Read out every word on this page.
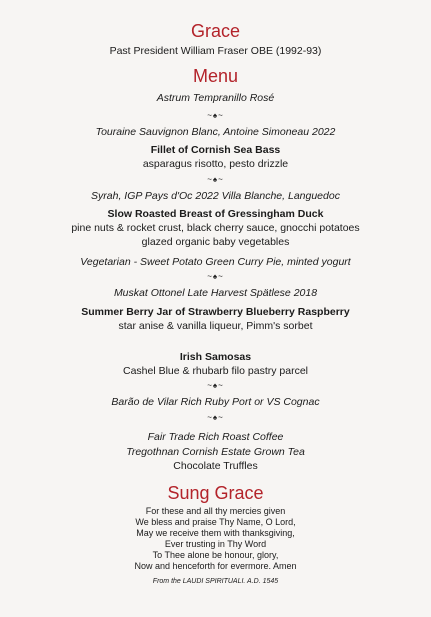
Grace
Past President William Fraser OBE (1992-93)
Menu
Astrum Tempranillo Rosé
~♠~
Touraine Sauvignon Blanc, Antoine Simoneau 2022
Fillet of Cornish Sea Bass
asparagus risotto, pesto drizzle
~♠~
Syrah, IGP Pays d'Oc 2022 Villa Blanche, Languedoc
Slow Roasted Breast of Gressingham Duck
pine nuts & rocket crust, black cherry sauce, gnocchi potatoes
glazed organic baby vegetables
Vegetarian - Sweet Potato Green Curry Pie, minted yogurt
~♠~
Muskat Ottonel Late Harvest Spätlese 2018
Summer Berry Jar of Strawberry Blueberry Raspberry
star anise & vanilla liqueur, Pimm's sorbet
Irish Samosas
Cashel Blue & rhubarb filo pastry parcel
~♠~
Barão de Vilar Rich Ruby Port or VS Cognac
~♠~
Fair Trade Rich Roast Coffee
Tregothnan Cornish Estate Grown Tea
Chocolate Truffles
Sung Grace
For these and all thy mercies given
We bless and praise Thy Name, O Lord,
May we receive them with thanksgiving,
Ever trusting in Thy Word
To Thee alone be honour, glory,
Now and henceforth for evermore. Amen
From the LAUDI SPIRITUALI. A.D. 1545
